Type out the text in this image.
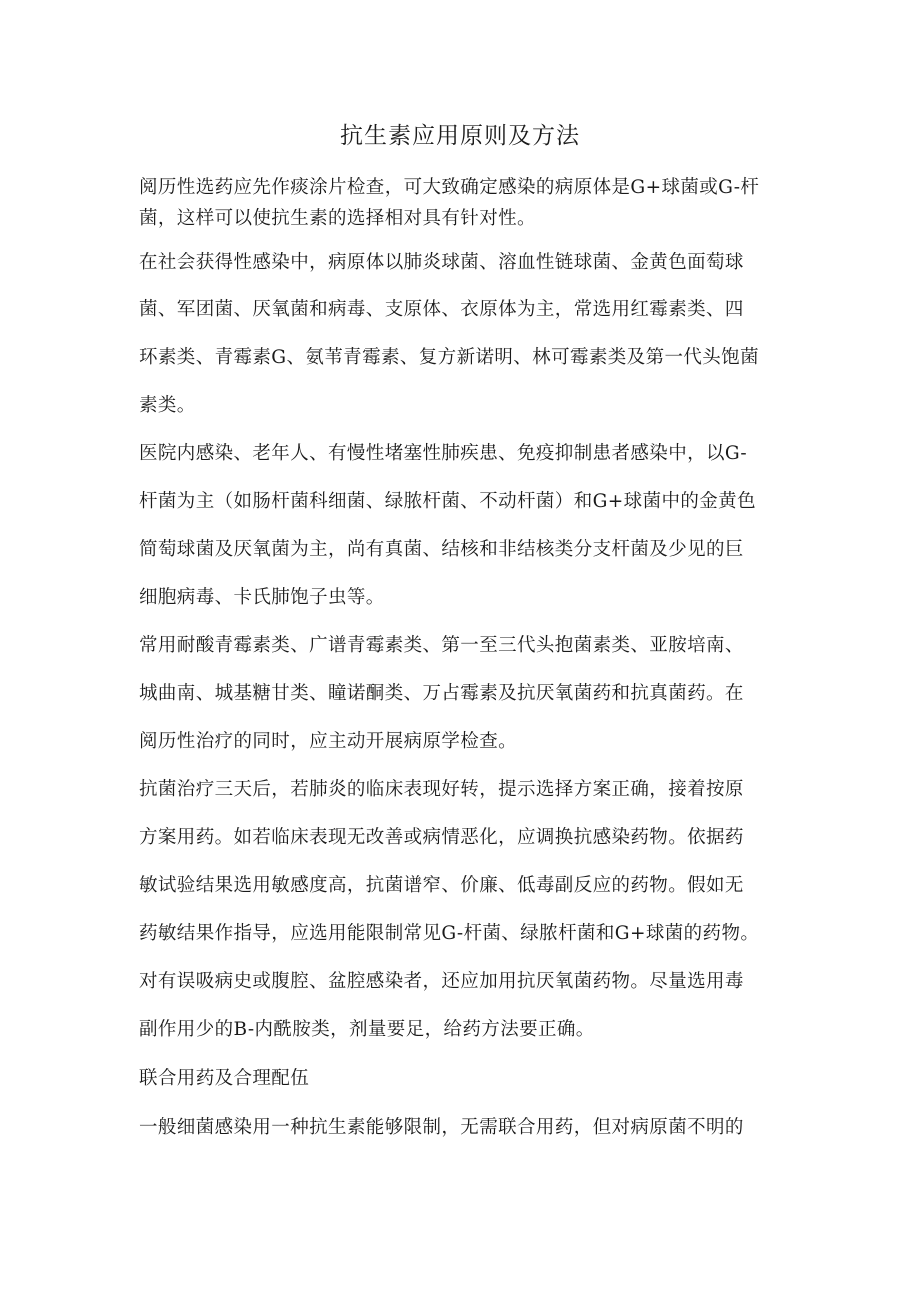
抗生素应用原则及方法

阅历性选药应先作痰涂片检查，可大致确定感染的病原体是G+球菌或G-杆

菌，这样可以使抗生素的选择相对具有针对性。

在社会获得性感染中，病原体以肺炎球菌、溶血性链球菌、金黄色面萄球

菌、军团菌、厌氧菌和病毒、支原体、衣原体为主，常选用红霉素类、四

环素类、青霉素G、氨苇青霉素、复方新诺明、林可霉素类及第一代头饱菌

素类。

医院内感染、老年人、有慢性堵塞性肺疾患、免疫抑制患者感染中，以G-

杆菌为主（如肠杆菌科细菌、绿脓杆菌、不动杆菌）和G+球菌中的金黄色

简萄球菌及厌氧菌为主，尚有真菌、结核和非结核类分支杆菌及少见的巨

细胞病毒、卡氏肺饱子虫等。

常用耐酸青霉素类、广谱青霉素类、第一至三代头抱菌素类、亚胺培南、

城曲南、城基糖甘类、瞳诺酮类、万占霉素及抗厌氧菌药和抗真菌药。在

阅历性治疗的同时，应主动开展病原学检查。

抗菌治疗三天后，若肺炎的临床表现好转，提示选择方案正确，接着按原

方案用药。如若临床表现无改善或病情恶化，应调换抗感染药物。依据药

敏试验结果选用敏感度高，抗菌谱窄、价廉、低毒副反应的药物。假如无

药敏结果作指导，应选用能限制常见G-杆菌、绿脓杆菌和G+球菌的药物。

对有误吸病史或腹腔、盆腔感染者，还应加用抗厌氧菌药物。尽量选用毒

副作用少的B-内酰胺类，剂量要足，给药方法要正确。

联合用药及合理配伍

一般细菌感染用一种抗生素能够限制，无需联合用药，但对病原菌不明的
